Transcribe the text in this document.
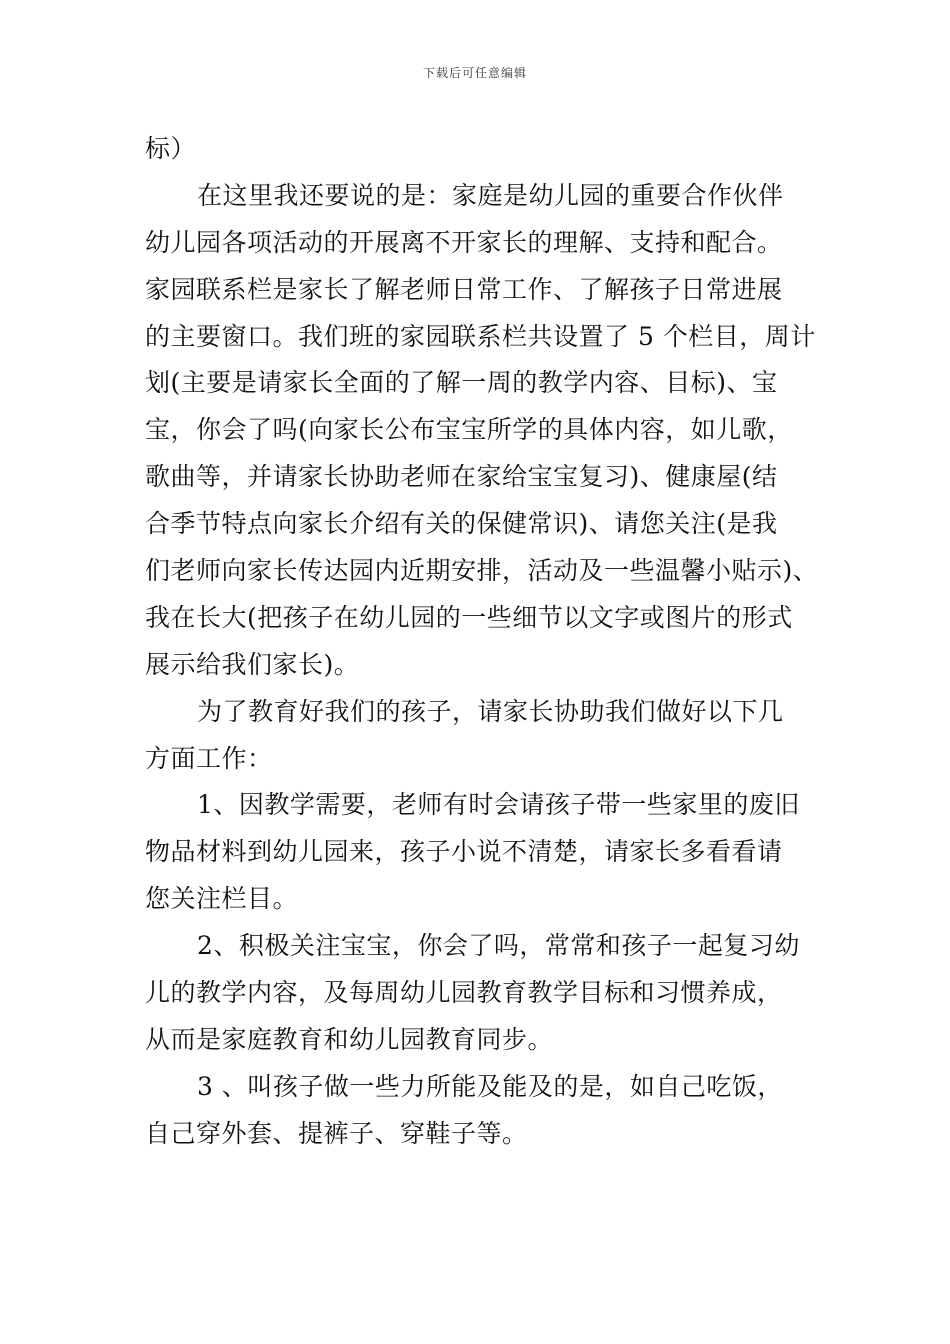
下载后可任意编辑
标）
在这里我还要说的是：家庭是幼儿园的重要合作伙伴
幼儿园各项活动的开展离不开家长的理解、支持和配合。
家园联系栏是家长了解老师日常工作、了解孩子日常进展
的主要窗口。我们班的家园联系栏共设置了 5 个栏目，周计
划(主要是请家长全面的了解一周的教学内容、目标)、宝
宝，你会了吗(向家长公布宝宝所学的具体内容，如儿歌，
歌曲等，并请家长协助老师在家给宝宝复习)、健康屋(结
合季节特点向家长介绍有关的保健常识)、请您关注(是我
们老师向家长传达园内近期安排，活动及一些温馨小贴示)、
我在长大(把孩子在幼儿园的一些细节以文字或图片的形式
展示给我们家长)。
为了教育好我们的孩子，请家长协助我们做好以下几
方面工作：
1、因教学需要，老师有时会请孩子带一些家里的废旧
物品材料到幼儿园来，孩子小说不清楚，请家长多看看请
您关注栏目。
2、积极关注宝宝，你会了吗，常常和孩子一起复习幼
儿的教学内容，及每周幼儿园教育教学目标和习惯养成，
从而是家庭教育和幼儿园教育同步。
3 、叫孩子做一些力所能及能及的是，如自己吃饭，
自己穿外套、提裤子、穿鞋子等。
